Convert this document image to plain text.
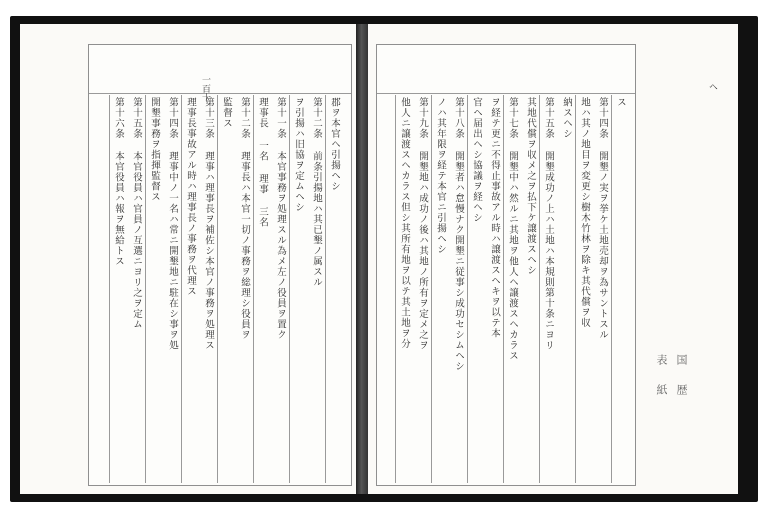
一百十
郡ヲ本官ヘ引揚ヘシ
第十二条 前条引揚地ハ其已墾ノ属スル
ヲ引揚ハ旧協ヲ定ムヘシ
第十一条 本官事務ヲ処理スル為メ左ノ役員ヲ置ク
理事長 一名 理事 三名
第十二条 理事長ハ本官一切ノ事務ヲ総理シ役員ヲ
監督ス
第十三条 理事ハ理事長ヲ補佐シ本官ノ事務ヲ処理ス
理事長事故アル時ハ理事長ノ事務ヲ代理ス
第十四条 理事中ノ一名ハ常ニ開墾地ニ駐在シ事ヲ処
開墾事務ヲ指揮監督ス
第十五条 本官役員ハ官員ノ互選ニヨリ之ヲ定ム
第十六条 本官役員ハ報ヲ無給トス	ス
第十四条 開墾ノ実ヲ挙ケ土地売却ヲ為サントスル
地ハ其ノ地目ヲ変更シ樹木竹林ヲ除キ其代償ヲ収
納スヘシ
第十五条 開墾成功ノ上ハ土地ハ本規則第十条ニヨリ
其地代償ヲ収メ之ヲ払下ケ譲渡スヘシ
第十七条 開墾中ハ然ルニ其地ヲ他人ヘ譲渡スヘカラス
ヲ経テ更ニ不得止事故アル時ハ譲渡スヘキヲ以テ本
官ヘ届出ヘシ協議ヲ経ヘシ
第十八条 開墾者ハ怠慢ナク開墾ニ従事シ成功セシムヘシ
ノハ其年限ヲ経テ本官ニ引揚ヘシ
第十九条 開墾地ハ成功ノ後ハ其地ノ所有ヲ定メ之ヲ
他人ニ譲渡スヘカラス但シ其所有地ヲ以テ其土地ヲ分
ヘ
表 紙 国 歴
